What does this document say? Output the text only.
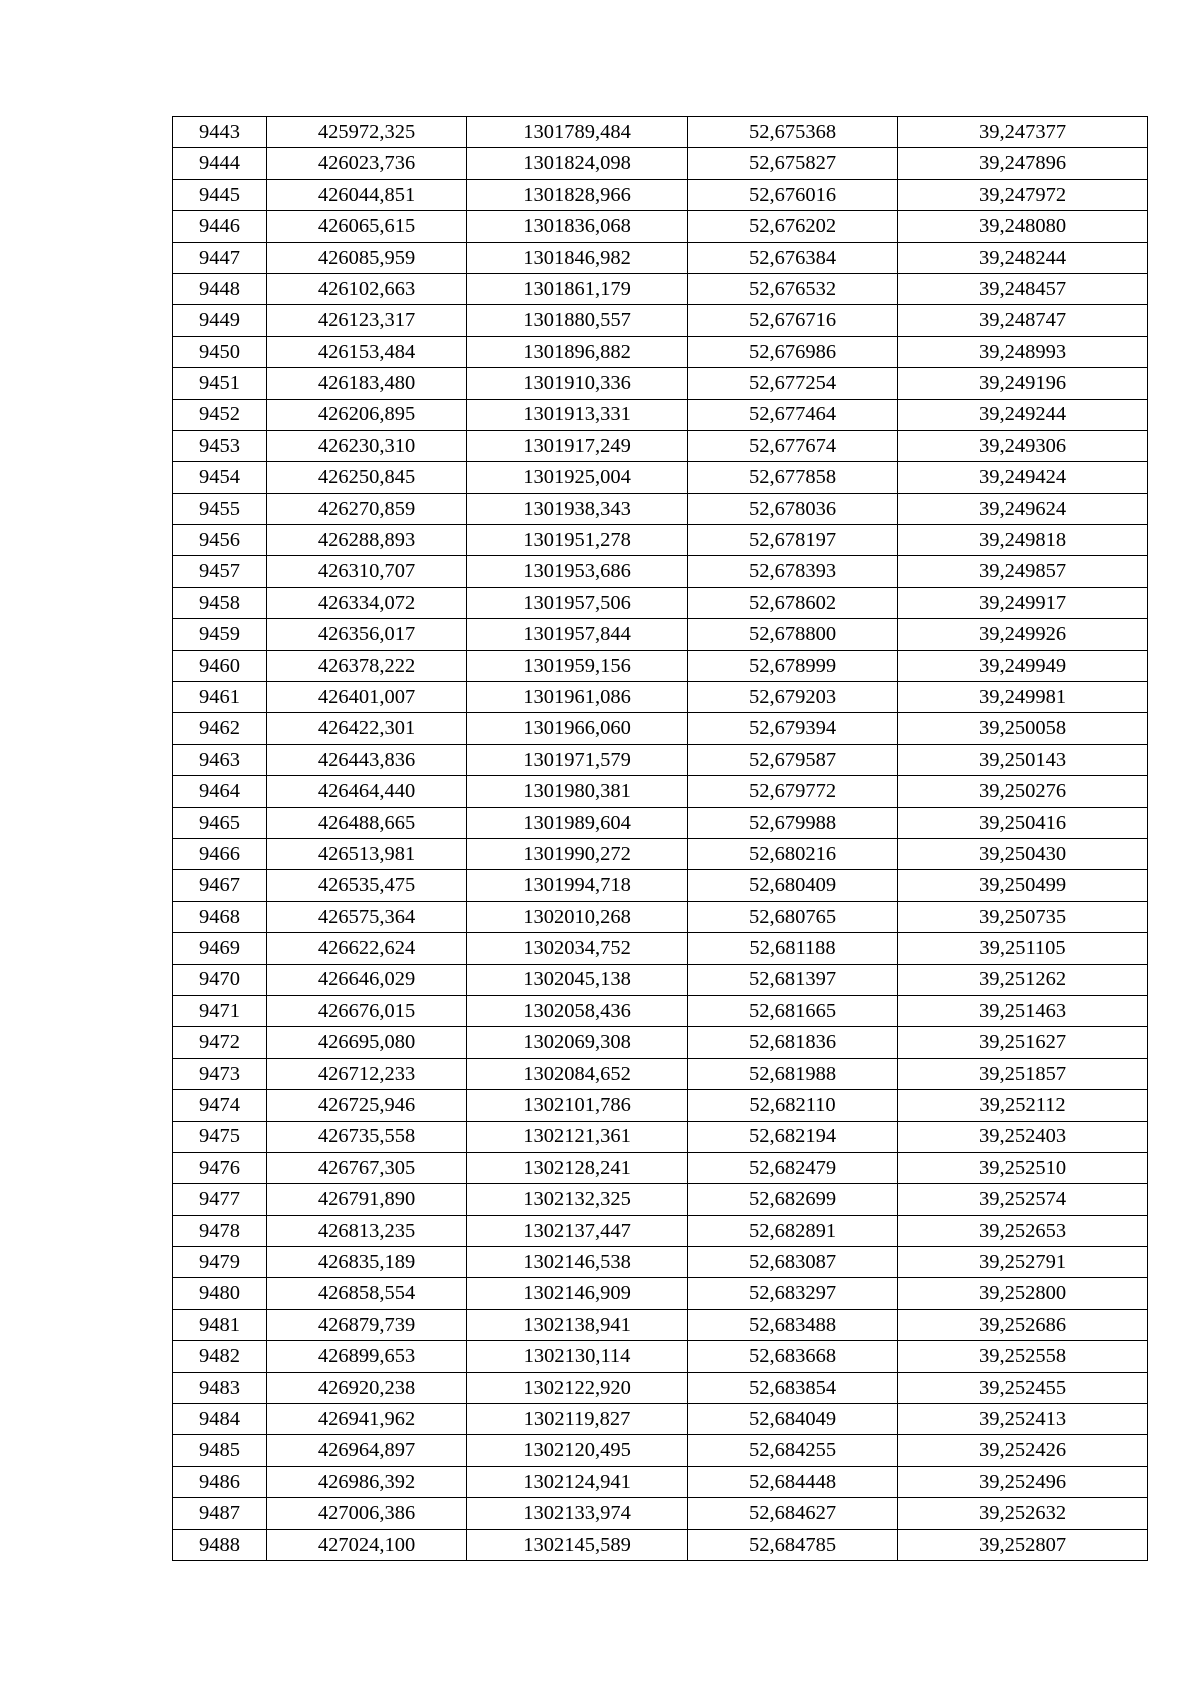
9443	425972,325	1301789,484	52,675368	39,247377
9444	426023,736	1301824,098	52,675827	39,247896
9445	426044,851	1301828,966	52,676016	39,247972
9446	426065,615	1301836,068	52,676202	39,248080
9447	426085,959	1301846,982	52,676384	39,248244
9448	426102,663	1301861,179	52,676532	39,248457
9449	426123,317	1301880,557	52,676716	39,248747
9450	426153,484	1301896,882	52,676986	39,248993
9451	426183,480	1301910,336	52,677254	39,249196
9452	426206,895	1301913,331	52,677464	39,249244
9453	426230,310	1301917,249	52,677674	39,249306
9454	426250,845	1301925,004	52,677858	39,249424
9455	426270,859	1301938,343	52,678036	39,249624
9456	426288,893	1301951,278	52,678197	39,249818
9457	426310,707	1301953,686	52,678393	39,249857
9458	426334,072	1301957,506	52,678602	39,249917
9459	426356,017	1301957,844	52,678800	39,249926
9460	426378,222	1301959,156	52,678999	39,249949
9461	426401,007	1301961,086	52,679203	39,249981
9462	426422,301	1301966,060	52,679394	39,250058
9463	426443,836	1301971,579	52,679587	39,250143
9464	426464,440	1301980,381	52,679772	39,250276
9465	426488,665	1301989,604	52,679988	39,250416
9466	426513,981	1301990,272	52,680216	39,250430
9467	426535,475	1301994,718	52,680409	39,250499
9468	426575,364	1302010,268	52,680765	39,250735
9469	426622,624	1302034,752	52,681188	39,251105
9470	426646,029	1302045,138	52,681397	39,251262
9471	426676,015	1302058,436	52,681665	39,251463
9472	426695,080	1302069,308	52,681836	39,251627
9473	426712,233	1302084,652	52,681988	39,251857
9474	426725,946	1302101,786	52,682110	39,252112
9475	426735,558	1302121,361	52,682194	39,252403
9476	426767,305	1302128,241	52,682479	39,252510
9477	426791,890	1302132,325	52,682699	39,252574
9478	426813,235	1302137,447	52,682891	39,252653
9479	426835,189	1302146,538	52,683087	39,252791
9480	426858,554	1302146,909	52,683297	39,252800
9481	426879,739	1302138,941	52,683488	39,252686
9482	426899,653	1302130,114	52,683668	39,252558
9483	426920,238	1302122,920	52,683854	39,252455
9484	426941,962	1302119,827	52,684049	39,252413
9485	426964,897	1302120,495	52,684255	39,252426
9486	426986,392	1302124,941	52,684448	39,252496
9487	427006,386	1302133,974	52,684627	39,252632
9488	427024,100	1302145,589	52,684785	39,252807
